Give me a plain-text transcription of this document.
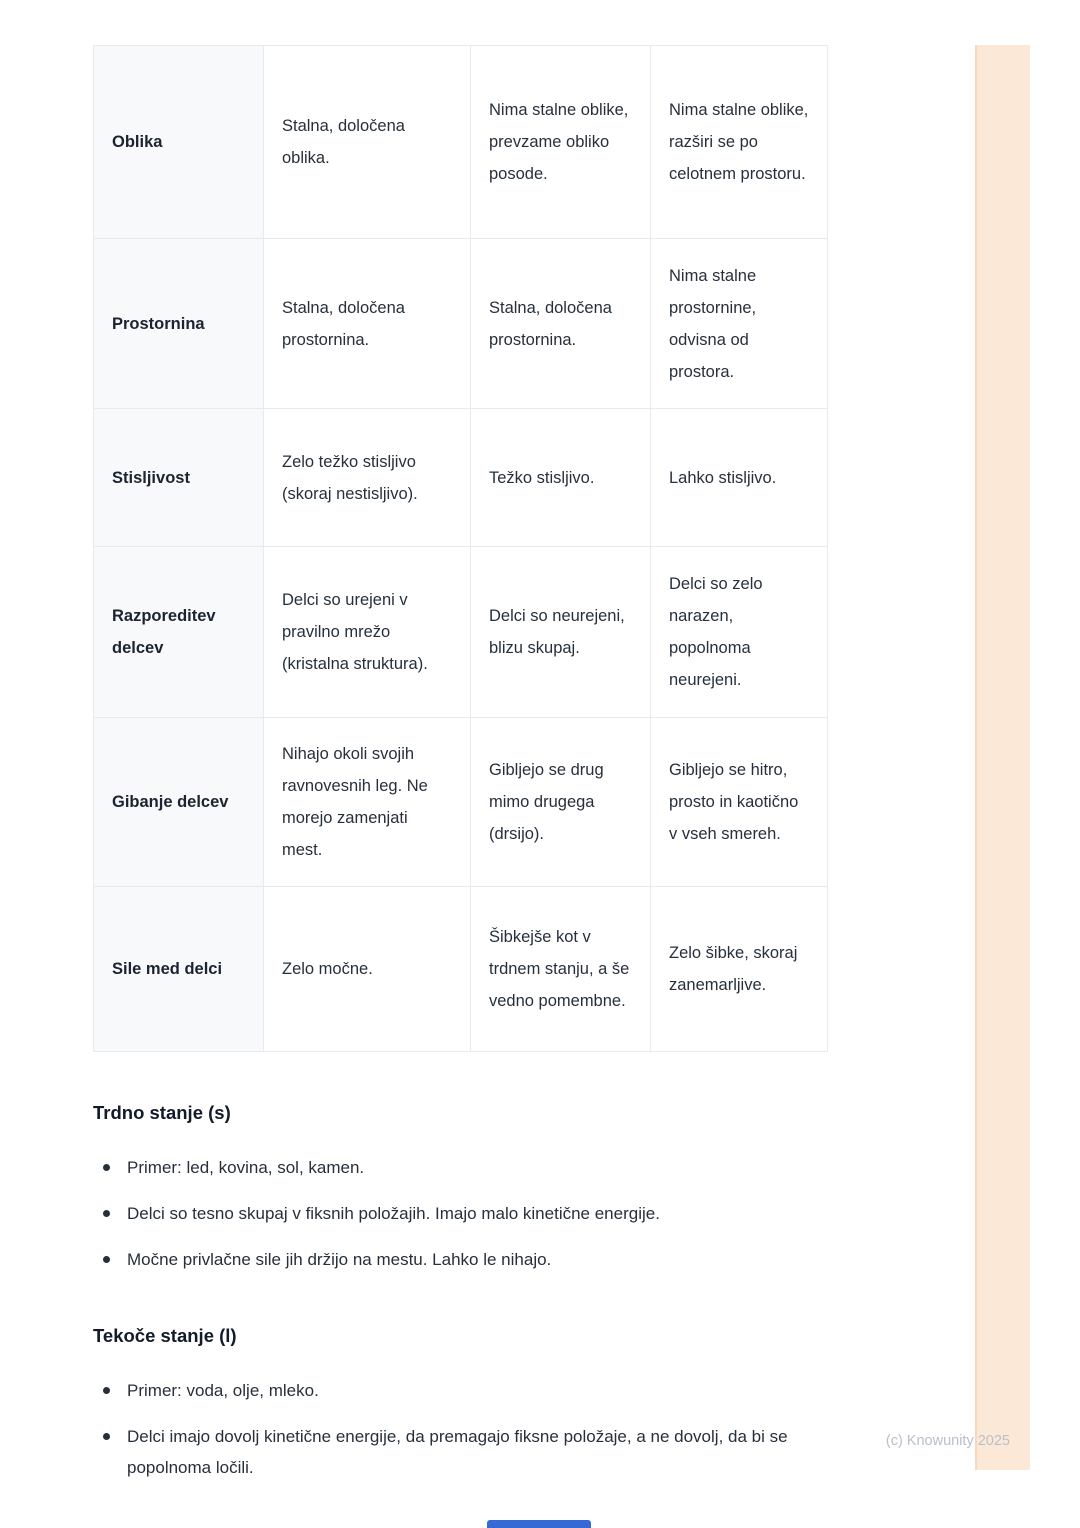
Oblika	Stalna, določena oblika.	Nima stalne oblike, prevzame obliko posode.	Nima stalne oblike, razširi se po celotnem prostoru.
Prostornina	Stalna, določena prostornina.	Stalna, določena prostornina.	Nima stalne prostornine, odvisna od prostora.
Stisljivost	Zelo težko stisljivo (skoraj nestisljivo).	Težko stisljivo.	Lahko stisljivo.
Razporeditev delcev	Delci so urejeni v pravilno mrežo (kristalna struktura).	Delci so neurejeni, blizu skupaj.	Delci so zelo narazen, popolnoma neurejeni.
Gibanje delcev	Nihajo okoli svojih ravnovesnih leg. Ne morejo zamenjati mest.	Gibljejo se drug mimo drugega (drsijo).	Gibljejo se hitro, prosto in kaotično v vseh smereh.
Sile med delci	Zelo močne.	Šibkejše kot v trdnem stanju, a še vedno pomembne.	Zelo šibke, skoraj zanemarljive.
Trdno stanje (s)
Primer: led, kovina, sol, kamen.
Delci so tesno skupaj v fiksnih položajih. Imajo malo kinetične energije.
Močne privlačne sile jih držijo na mestu. Lahko le nihajo.
Tekoče stanje (l)
Primer: voda, olje, mleko.
Delci imajo dovolj kinetične energije, da premagajo fiksne položaje, a ne dovolj, da bi se popolnoma ločili.
(c) Knowunity 2025
